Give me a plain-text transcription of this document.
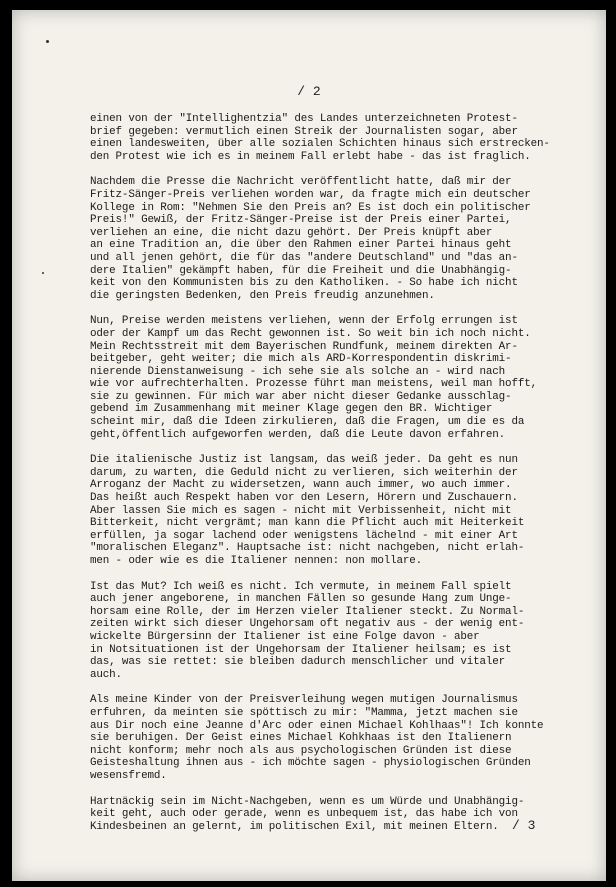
/ 2
einen von der "Intellighentzia" des Landes unterzeichneten Protest-
brief gegeben: vermutlich einen Streik der Journalisten sogar, aber
einen landesweiten, über alle sozialen Schichten hinaus sich erstrecken-
den Protest wie ich es in meinem Fall erlebt habe - das ist fraglich.
Nachdem die Presse die Nachricht veröffentlicht hatte, daß mir der
Fritz-Sänger-Preis verliehen worden war, da fragte mich ein deutscher
Kollege in Rom: "Nehmen Sie den Preis an? Es ist doch ein politischer
Preis!" Gewiß, der Fritz-Sänger-Preise ist der Preis einer Partei,
verliehen an eine, die nicht dazu gehört. Der Preis knüpft aber
an eine Tradition an, die über den Rahmen einer Partei hinaus geht
und all jenen gehört, die für das "andere Deutschland" und "das an-
dere Italien" gekämpft haben, für die Freiheit und die Unabhängig-
keit von den Kommunisten bis zu den Katholiken. - So habe ich nicht
die geringsten Bedenken, den Preis freudig anzunehmen.
Nun, Preise werden meistens verliehen, wenn der Erfolg errungen ist
oder der Kampf um das Recht gewonnen ist. So weit bin ich noch nicht.
Mein Rechtsstreit mit dem Bayerischen Rundfunk, meinem direkten Ar-
beitgeber, geht weiter; die mich als ARD-Korrespondentin diskrimi-
nierende Dienstanweisung - ich sehe sie als solche an - wird nach
wie vor aufrechterhalten. Prozesse führt man meistens, weil man hofft,
sie zu gewinnen. Für mich war aber nicht dieser Gedanke ausschlag-
gebend im Zusammenhang mit meiner Klage gegen den BR. Wichtiger
scheint mir, daß die Ideen zirkulieren, daß die Fragen, um die es da
geht,öffentlich aufgeworfen werden, daß die Leute davon erfahren.
Die italienische Justiz ist langsam, das weiß jeder. Da geht es nun
darum, zu warten, die Geduld nicht zu verlieren, sich weiterhin der
Arroganz der Macht zu widersetzen, wann auch immer, wo auch immer.
Das heißt auch Respekt haben vor den Lesern, Hörern und Zuschauern.
Aber lassen Sie mich es sagen - nicht mit Verbissenheit, nicht mit
Bitterkeit, nicht vergrämt; man kann die Pflicht auch mit Heiterkeit
erfüllen, ja sogar lachend oder wenigstens lächelnd - mit einer Art
"moralischen Eleganz". Hauptsache ist: nicht nachgeben, nicht erlah-
men - oder wie es die Italiener nennen: non mollare.
Ist das Mut? Ich weiß es nicht. Ich vermute, in meinem Fall spielt
auch jener angeborene, in manchen Fällen so gesunde Hang zum Unge-
horsam eine Rolle, der im Herzen vieler Italiener steckt. Zu Normal-
zeiten wirkt sich dieser Ungehorsam oft negativ aus - der wenig ent-
wickelte Bürgersinn der Italiener ist eine Folge davon - aber
in Notsituationen ist der Ungehorsam der Italiener heilsam; es ist
das, was sie rettet: sie bleiben dadurch menschlicher und vitaler
auch.
Als meine Kinder von der Preisverleihung wegen mutigen Journalismus
erfuhren, da meinten sie spöttisch zu mir: "Mamma, jetzt machen sie
aus Dir noch eine Jeanne d'Arc oder einen Michael Kohlhaas"! Ich konnte
sie beruhigen. Der Geist eines Michael Kohkhaas ist den Italienern
nicht konform; mehr noch als aus psychologischen Gründen ist diese
Geisteshaltung ihnen aus - ich möchte sagen - physiologischen Gründen
wesensfremd.
Hartnäckig sein im Nicht-Nachgeben, wenn es um Würde und Unabhängig-
keit geht, auch oder gerade, wenn es unbequem ist, das habe ich von
Kindesbeinen an gelernt, im politischen Exil, mit meinen Eltern.	/ 3
